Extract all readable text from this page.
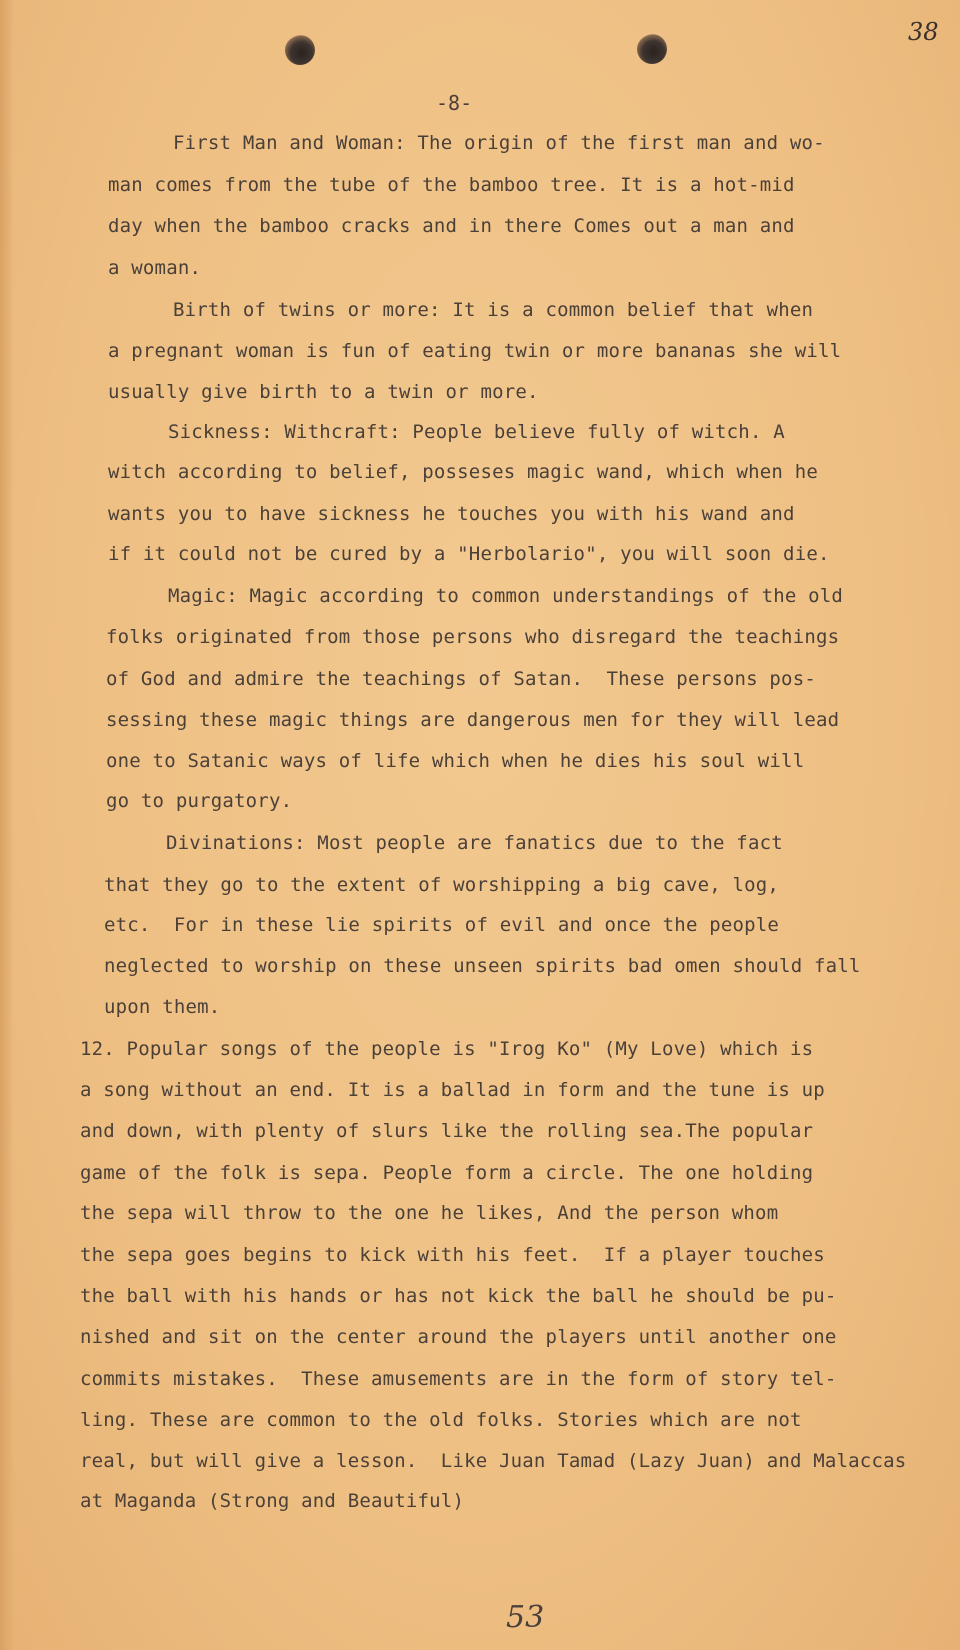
38
-8-
First Man and Woman: The origin of the first man and wo-
man comes from the tube of the bamboo tree. It is a hot-mid
day when the bamboo cracks and in there Comes out a man and
a woman.
Birth of twins or more: It is a common belief that when
a pregnant woman is fun of eating twin or more bananas she will
usually give birth to a twin or more.
Sickness: Withcraft: People believe fully of witch. A
witch according to belief, posseses magic wand, which when he
wants you to have sickness he touches you with his wand and
if it could not be cured by a "Herbolario", you will soon die.
Magic: Magic according to common understandings of the old
folks originated from those persons who disregard the teachings
of God and admire the teachings of Satan.  These persons pos-
sessing these magic things are dangerous men for they will lead
one to Satanic ways of life which when he dies his soul will
go to purgatory.
Divinations: Most people are fanatics due to the fact
that they go to the extent of worshipping a big cave, log,
etc.  For in these lie spirits of evil and once the people
neglected to worship on these unseen spirits bad omen should fall
upon them.
12. Popular songs of the people is "Irog Ko" (My Love) which is
a song without an end. It is a ballad in form and the tune is up
and down, with plenty of slurs like the rolling sea.The popular
game of the folk is sepa. People form a circle. The one holding
the sepa will throw to the one he likes, And the person whom
the sepa goes begins to kick with his feet.  If a player touches
the ball with his hands or has not kick the ball he should be pu-
nished and sit on the center around the players until another one
commits mistakes.  These amusements are in the form of story tel-
ling. These are common to the old folks. Stories which are not
real, but will give a lesson.  Like Juan Tamad (Lazy Juan) and Malaccas
at Maganda (Strong and Beautiful)
53
